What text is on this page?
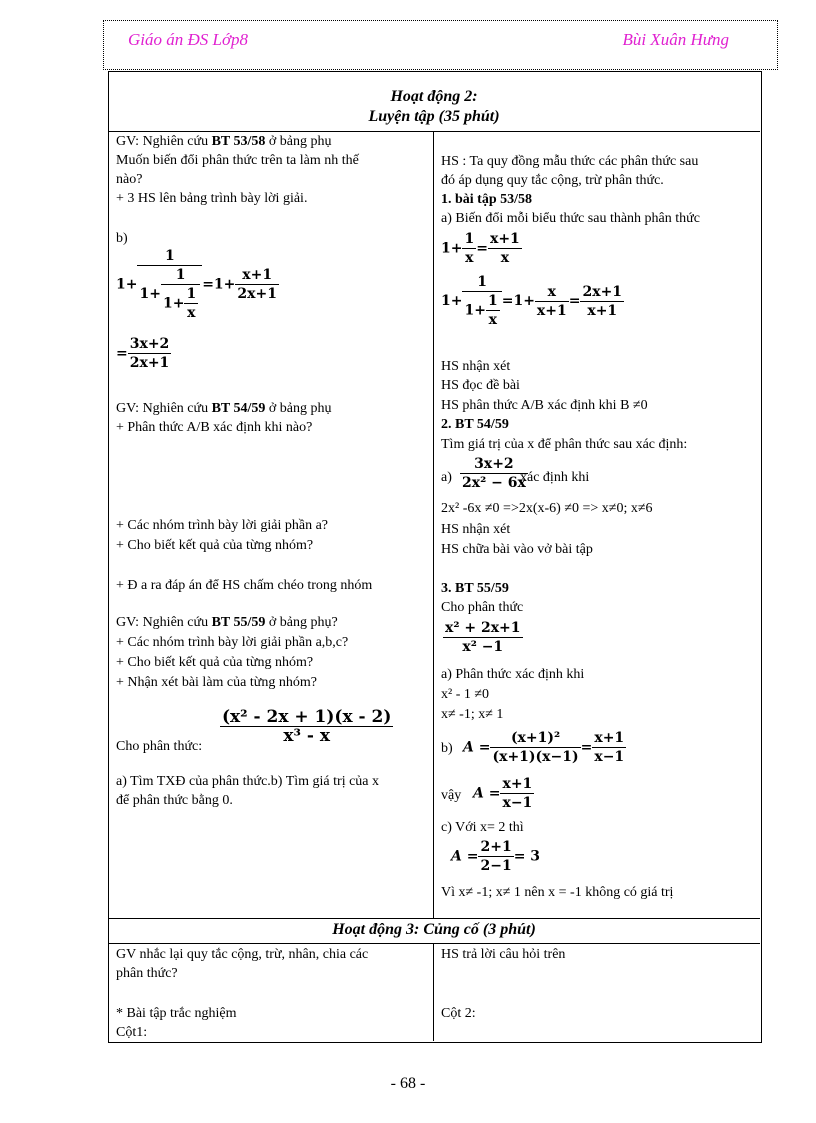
Giáo án ĐS Lớp8	Bùi Xuân Hưng
Hoạt động 2:
Luyện tập (35 phút)
GV: Nghiên cứu BT 53/58 ở bảng phụ
Muốn biến đổi phân thức trên ta làm nh thế
nào?
+ 3 HS lên bảng trình bày lời giải.
b)
$1+ \frac{1}{1+ \frac{1}{1+ \frac{1}{x}}} =1+ \frac{x+1}{2x+1}$
= $\frac{3x+2}{2x+1}$
GV: Nghiên cứu BT 54/59 ở bảng phụ
+ Phân thức A/B xác định khi nào?
+ Các nhóm trình bày lời giải phần a?
+ Cho biết kết quả của từng nhóm?
+ Đ a ra đáp án để HS chấm chéo trong nhóm
GV: Nghiên cứu BT 55/59 ở bảng phụ?
+ Các nhóm trình bày lời giải phần a,b,c?
+ Cho biết kết quả của từng nhóm?
+ Nhận xét bài làm của từng nhóm?
Cho phân thức:
$\frac{\text{(x² - 2x + 1)(x - 2)}}{\text{x³ - x}}$
a) Tìm TXĐ của phân thức.b) Tìm giá trị của x
để phân thức bằng 0.
HS : Ta quy đồng mẫu thức các phân thức sau
đó áp dụng quy tắc cộng, trừ phân thức.
1. bài tập 53/58
a) Biến đổi mỗi biểu thức sau thành phân thức
$1+ \frac{1}{x} = \frac{x+1}{x}$
$1+ \frac{1}{1+ \frac{1}{x}} =1+ \frac{x}{x+1} = \frac{2x+1}{x+1}$
HS nhận xét
HS đọc đề bài
HS phân thức A/B xác định khi B ≠0
2. BT 54/59
Tìm giá trị của x để phân thức sau xác định:
$a) \frac{3x+2}{\text{2x² − 6x}}$
xác định khi
2x² -6x ≠0 =>2x(x-6) ≠0 => x≠0; x≠6
HS nhận xét
HS chữa bài vào vở bài tập
3. BT 55/59
Cho phân thức
$\frac{\text{x² + 2x+1}}{\text{x² −1}}$
a) Phân thức xác định khi
x² - 1 ≠0
x≠ -1; x≠ 1
b) $A = \frac{\text{(x+1)²}}{(x+1)(x-1)} = \frac{x+1}{x-1}$
vậy $A = \frac{x+1}{x-1}$
c) Với x= 2 thì
$A = \frac{2+1}{2-1} = 3$
Vì x≠ -1; x≠ 1 nên x = -1 không có giá trị
Hoạt động 3: Củng cố (3 phút)
GV nhắc lại quy tắc cộng, trừ, nhân, chia các
phân thức?
* Bài tập trắc nghiệm
Cột1:
HS trả lời câu hỏi trên
Cột 2:
- 68 -
